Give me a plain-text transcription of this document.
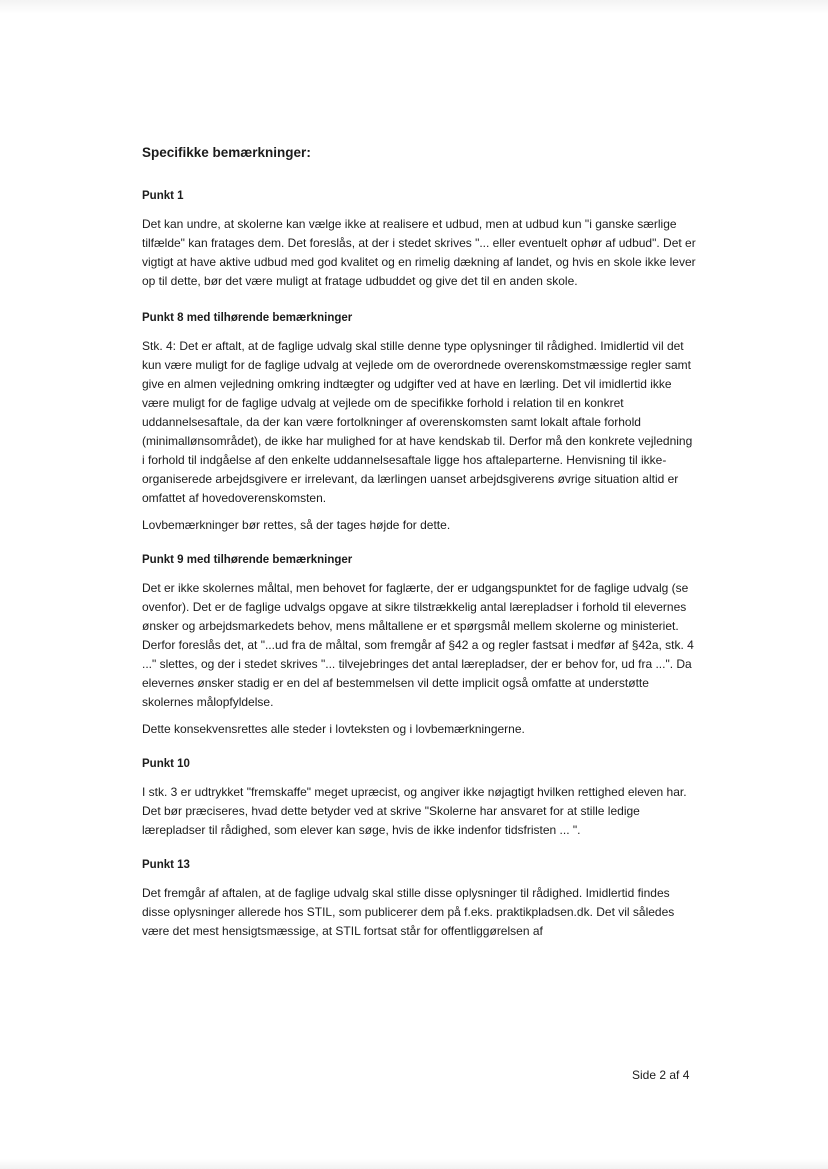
Specifikke bemærkninger:
Punkt 1

Det kan undre, at skolerne kan vælge ikke at realisere et udbud, men at udbud kun "i ganske særlige tilfælde" kan fratages dem. Det foreslås, at der i stedet skrives "... eller eventuelt ophør af udbud". Det er vigtigt at have aktive udbud med god kvalitet og en rimelig dækning af landet, og hvis en skole ikke lever op til dette, bør det være muligt at fratage udbuddet og give det til en anden skole.

Punkt 8 med tilhørende bemærkninger

Stk. 4: Det er aftalt, at de faglige udvalg skal stille denne type oplysninger til rådighed. Imidlertid vil det kun være muligt for de faglige udvalg at vejlede om de overordnede overenskomstmæssige regler samt give en almen vejledning omkring indtægter og udgifter ved at have en lærling. Det vil imidlertid ikke være muligt for de faglige udvalg at vejlede om de specifikke forhold i relation til en konkret uddannelsesaftale, da der kan være fortolkninger af overenskomsten samt lokalt aftale forhold (minimallønsområdet), de ikke har mulighed for at have kendskab til. Derfor må den konkrete vejledning i forhold til indgåelse af den enkelte uddannelsesaftale ligge hos aftaleparterne. Henvisning til ikke-organiserede arbejdsgivere er irrelevant, da lærlingen uanset arbejdsgiverens øvrige situation altid er omfattet af hovedoverenskomsten.

Lovbemærkninger bør rettes, så der tages højde for dette.

Punkt 9 med tilhørende bemærkninger

Det er ikke skolernes måltal, men behovet for faglærte, der er udgangspunktet for de faglige udvalg (se ovenfor). Det er de faglige udvalgs opgave at sikre tilstrækkelig antal lærepladser i forhold til elevernes ønsker og arbejdsmarkedets behov, mens måltallene er et spørgsmål mellem skolerne og ministeriet. Derfor foreslås det, at "...ud fra de måltal, som fremgår af §42 a og regler fastsat i medfør af §42a, stk. 4 ..." slettes, og der i stedet skrives "... tilvejebringes det antal lærepladser, der er behov for, ud fra ...". Da elevernes ønsker stadig er en del af bestemmelsen vil dette implicit også omfatte at understøtte skolernes målopfyldelse.

Dette konsekvensrettes alle steder i lovteksten og i lovbemærkningerne.

Punkt 10

I stk. 3 er udtrykket "fremskaffe" meget upræcist, og angiver ikke nøjagtigt hvilken rettighed eleven har. Det bør præciseres, hvad dette betyder ved at skrive "Skolerne har ansvaret for at stille ledige lærepladser til rådighed, som elever kan søge, hvis de ikke indenfor tidsfristen ... ".

Punkt 13

Det fremgår af aftalen, at de faglige udvalg skal stille disse oplysninger til rådighed. Imidlertid findes disse oplysninger allerede hos STIL, som publicerer dem på f.eks. praktikpladsen.dk. Det vil således være det mest hensigtsmæssige, at STIL fortsat står for offentliggørelsen af

Side 2 af 4
